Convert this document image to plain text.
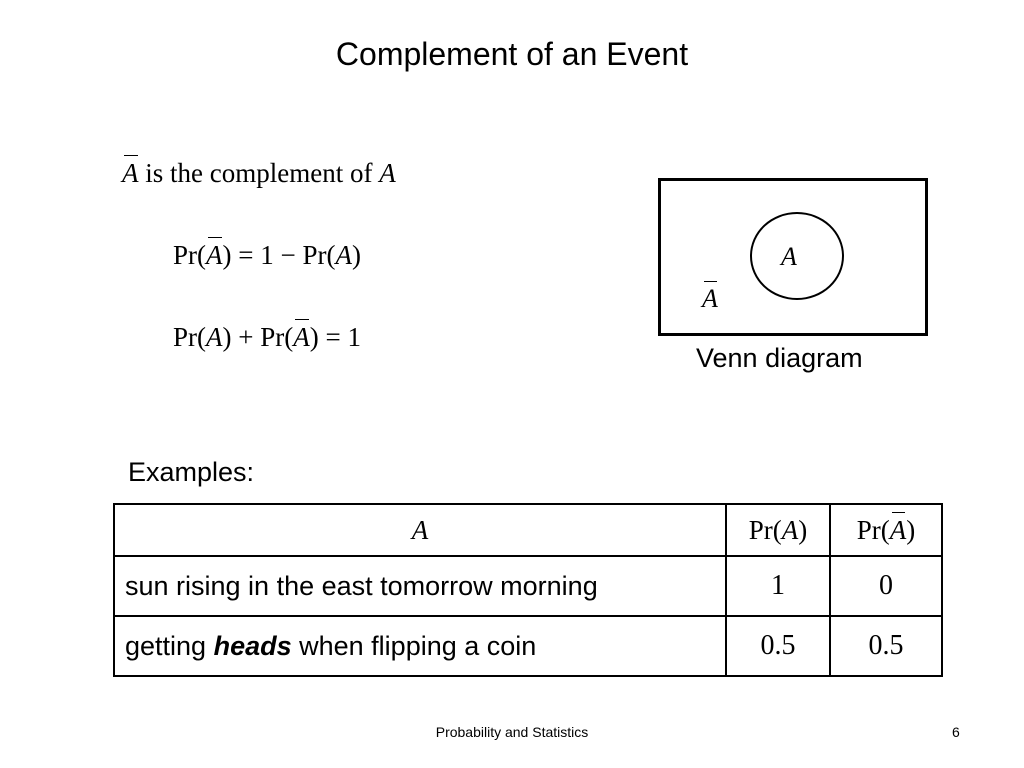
Complement of an Event
A is the complement of A
Pr(A) = 1 − Pr(A)
Pr(A) + Pr(A) = 1
A
A
Venn diagram
Examples:
A	Pr(A)	Pr(A)
sun rising in the east tomorrow morning	1	0
getting heads when flipping a coin	0.5	0.5
Probability and Statistics	6
